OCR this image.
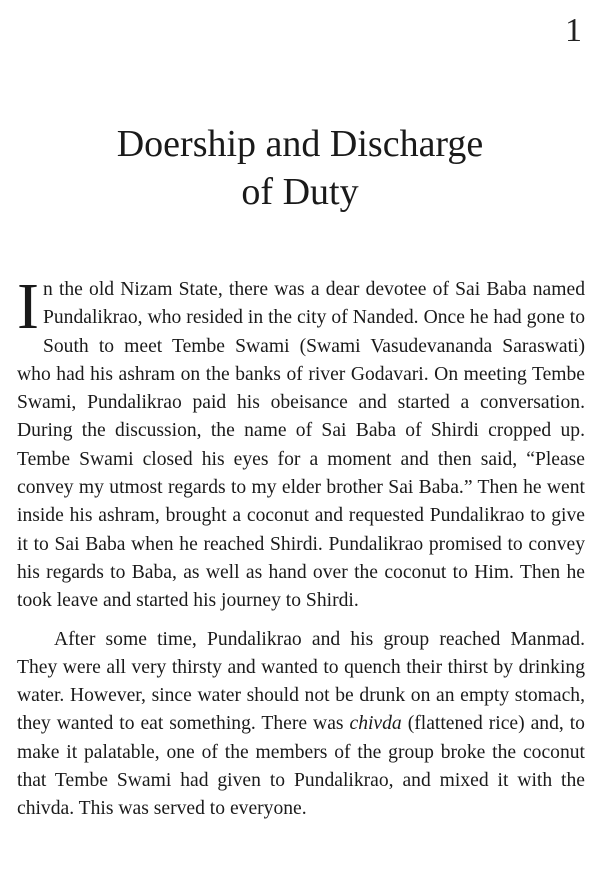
1
Doership and Discharge
of Duty

In the old Nizam State, there was a dear devotee of Sai Baba named Pundalikrao, who resided in the city of Nanded. Once he had gone to South to meet Tembe Swami (Swami Vasudevananda Saraswati) who had his ashram on the banks of river Godavari. On meeting Tembe Swami, Pundalikrao paid his obeisance and started a conversation. During the discussion, the name of Sai Baba of Shirdi cropped up. Tembe Swami closed his eyes for a moment and then said, “Please convey my utmost regards to my elder brother Sai Baba.” Then he went inside his ashram, brought a coconut and requested Pundalikrao to give it to Sai Baba when he reached Shirdi. Pundalikrao promised to convey his regards to Baba, as well as hand over the coconut to Him. Then he took leave and started his journey to Shirdi.

After some time, Pundalikrao and his group reached Manmad. They were all very thirsty and wanted to quench their thirst by drinking water. However, since water should not be drunk on an empty stomach, they wanted to eat something. There was chivda (flattened rice) and, to make it palatable, one of the members of the group broke the coconut that Tembe Swami had given to Pundalikrao, and mixed it with the chivda. This was served to everyone.
